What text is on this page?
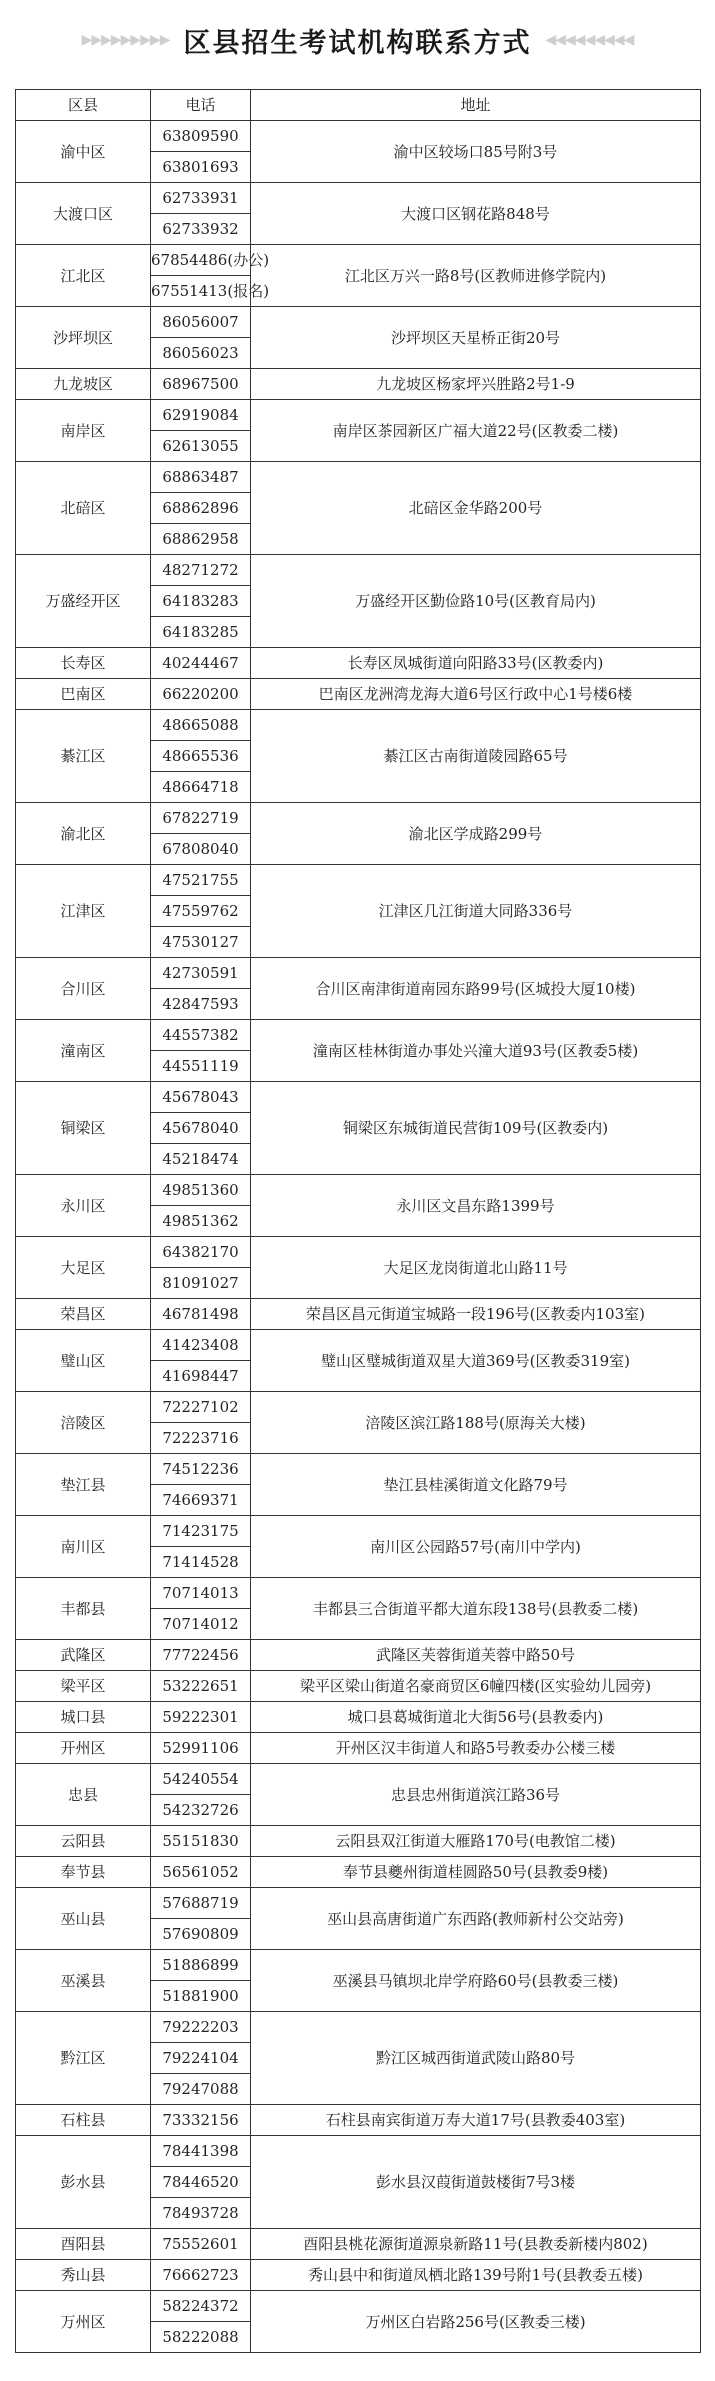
▶▶▶▶▶▶▶▶▶ 区县招生考试机构联系方式 ◀◀◀◀◀◀◀◀◀
区县	电话	地址
渝中区	63809590	渝中区较场口85号附3号
	63801693	
大渡口区	62733931	大渡口区钢花路848号
	62733932	
江北区	67854486(办公)	江北区万兴一路8号(区教师进修学院内)
	67551413(报名)	
沙坪坝区	86056007	沙坪坝区天星桥正街20号
	86056023	
九龙坡区	68967500	九龙坡区杨家坪兴胜路2号1-9
南岸区	62919084	南岸区茶园新区广福大道22号(区教委二楼)
	62613055	
北碚区	68863487	北碚区金华路200号
	68862896	
	68862958	
万盛经开区	48271272	万盛经开区勤俭路10号(区教育局内)
	64183283	
	64183285	
长寿区	40244467	长寿区凤城街道向阳路33号(区教委内)
巴南区	66220200	巴南区龙洲湾龙海大道6号区行政中心1号楼6楼
綦江区	48665088	綦江区古南街道陵园路65号
	48665536	
	48664718	
渝北区	67822719	渝北区学成路299号
	67808040	
江津区	47521755	江津区几江街道大同路336号
	47559762	
	47530127	
合川区	42730591	合川区南津街道南园东路99号(区城投大厦10楼)
	42847593	
潼南区	44557382	潼南区桂林街道办事处兴潼大道93号(区教委5楼)
	44551119	
铜梁区	45678043	铜梁区东城街道民营街109号(区教委内)
	45678040	
	45218474	
永川区	49851360	永川区文昌东路1399号
	49851362	
大足区	64382170	大足区龙岗街道北山路11号
	81091027	
荣昌区	46781498	荣昌区昌元街道宝城路一段196号(区教委内103室)
璧山区	41423408	璧山区璧城街道双星大道369号(区教委319室)
	41698447	
涪陵区	72227102	涪陵区滨江路188号(原海关大楼)
	72223716	
垫江县	74512236	垫江县桂溪街道文化路79号
	74669371	
南川区	71423175	南川区公园路57号(南川中学内)
	71414528	
丰都县	70714013	丰都县三合街道平都大道东段138号(县教委二楼)
	70714012	
武隆区	77722456	武隆区芙蓉街道芙蓉中路50号
梁平区	53222651	梁平区梁山街道名豪商贸区6幢四楼(区实验幼儿园旁)
城口县	59222301	城口县葛城街道北大街56号(县教委内)
开州区	52991106	开州区汉丰街道人和路5号教委办公楼三楼
忠县	54240554	忠县忠州街道滨江路36号
	54232726	
云阳县	55151830	云阳县双江街道大雁路170号(电教馆二楼)
奉节县	56561052	奉节县夔州街道桂圆路50号(县教委9楼)
巫山县	57688719	巫山县高唐街道广东西路(教师新村公交站旁)
	57690809	
巫溪县	51886899	巫溪县马镇坝北岸学府路60号(县教委三楼)
	51881900	
黔江区	79222203	黔江区城西街道武陵山路80号
	79224104	
	79247088	
石柱县	73332156	石柱县南宾街道万寿大道17号(县教委403室)
彭水县	78441398	彭水县汉葭街道鼓楼街7号3楼
	78446520	
	78493728	
酉阳县	75552601	酉阳县桃花源街道源泉新路11号(县教委新楼内802)
秀山县	76662723	秀山县中和街道凤栖北路139号附1号(县教委五楼)
万州区	58224372	万州区白岩路256号(区教委三楼)
	58222088	
